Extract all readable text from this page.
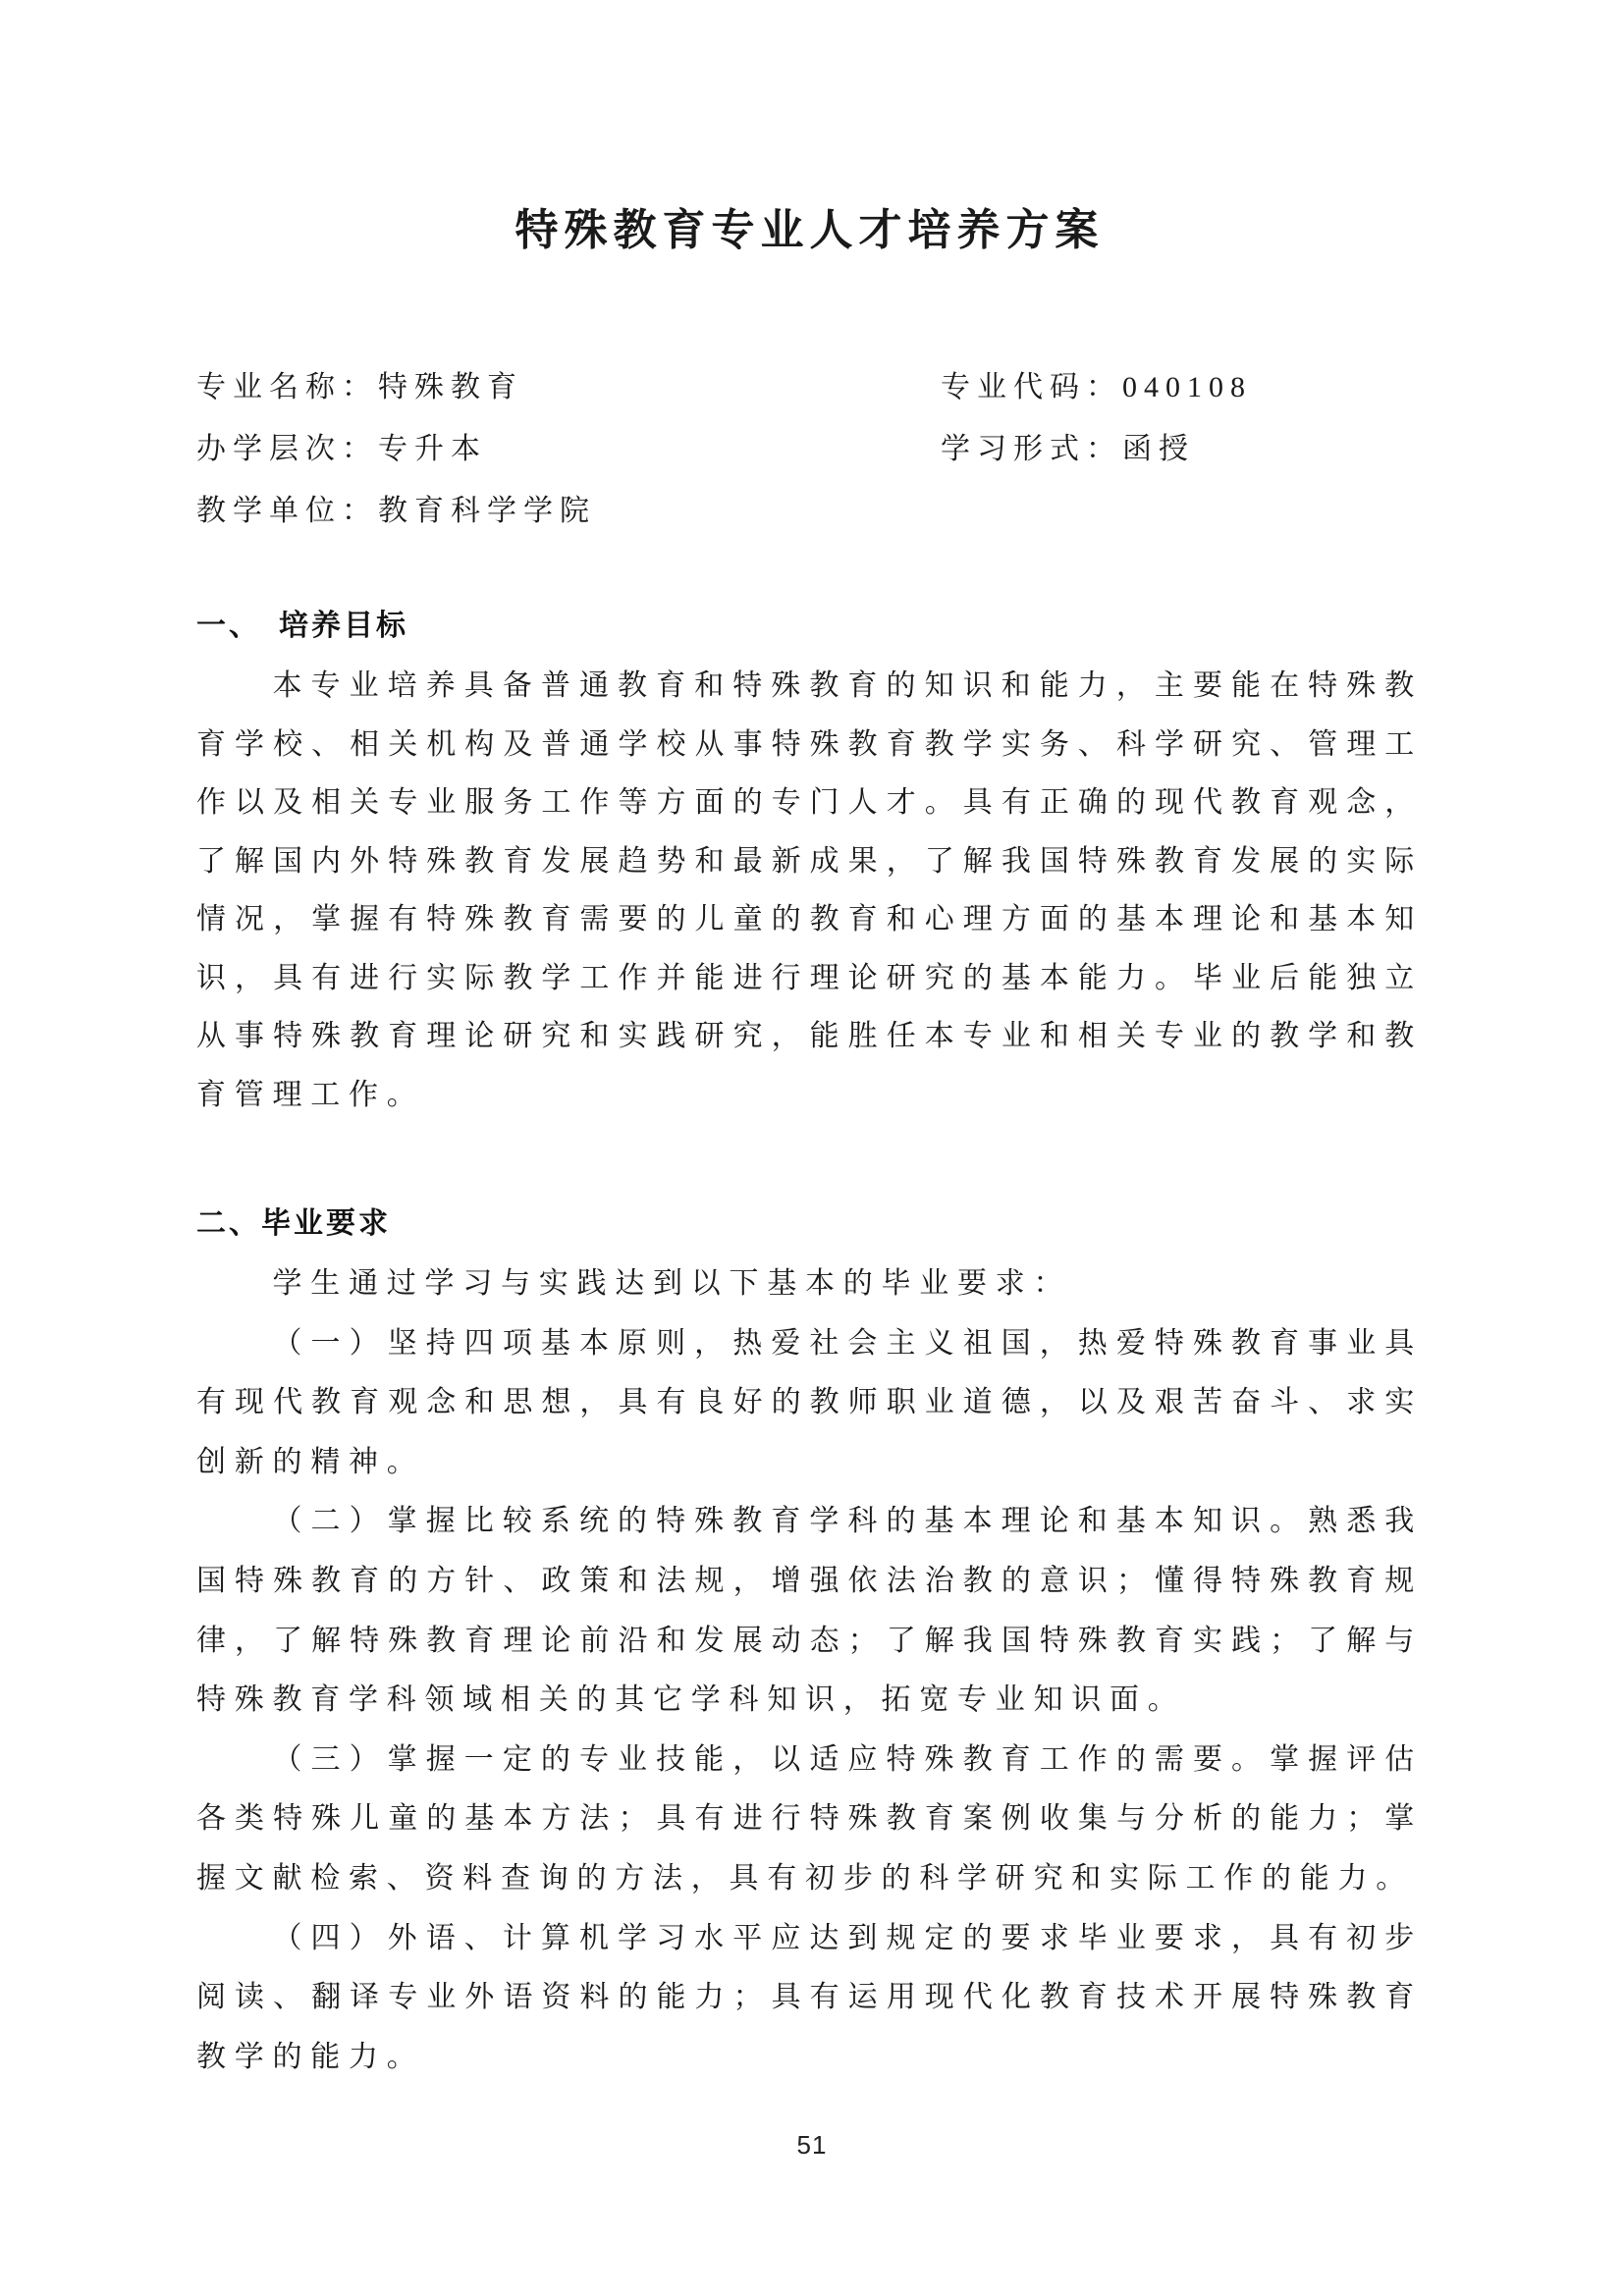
特殊教育专业人才培养方案
专业名称：特殊教育	专业代码：040108
办学层次：专升本	学习形式：函授
教学单位：教育科学学院
一、　培养目标

本专业培养具备普通教育和特殊教育的知识和能力，主要能在特殊教育学校、相关机构及普通学校从事特殊教育教学实务、科学研究、管理工作以及相关专业服务工作等方面的专门人才。具有正确的现代教育观念，了解国内外特殊教育发展趋势和最新成果，了解我国特殊教育发展的实际情况，掌握有特殊教育需要的儿童的教育和心理方面的基本理论和基本知识，具有进行实际教学工作并能进行理论研究的基本能力。毕业后能独立从事特殊教育理论研究和实践研究，能胜任本专业和相关专业的教学和教育管理工作。

二、毕业要求

学生通过学习与实践达到以下基本的毕业要求：

（一）坚持四项基本原则，热爱社会主义祖国，热爱特殊教育事业具有现代教育观念和思想，具有良好的教师职业道德，以及艰苦奋斗、求实创新的精神。

（二）掌握比较系统的特殊教育学科的基本理论和基本知识。熟悉我国特殊教育的方针、政策和法规，增强依法治教的意识；懂得特殊教育规律，了解特殊教育理论前沿和发展动态；了解我国特殊教育实践；了解与特殊教育学科领域相关的其它学科知识，拓宽专业知识面。

（三）掌握一定的专业技能，以适应特殊教育工作的需要。掌握评估各类特殊儿童的基本方法；具有进行特殊教育案例收集与分析的能力；掌握文献检索、资料查询的方法，具有初步的科学研究和实际工作的能力。

（四）外语、计算机学习水平应达到规定的要求毕业要求，具有初步阅读、翻译专业外语资料的能力；具有运用现代化教育技术开展特殊教育教学的能力。

51
